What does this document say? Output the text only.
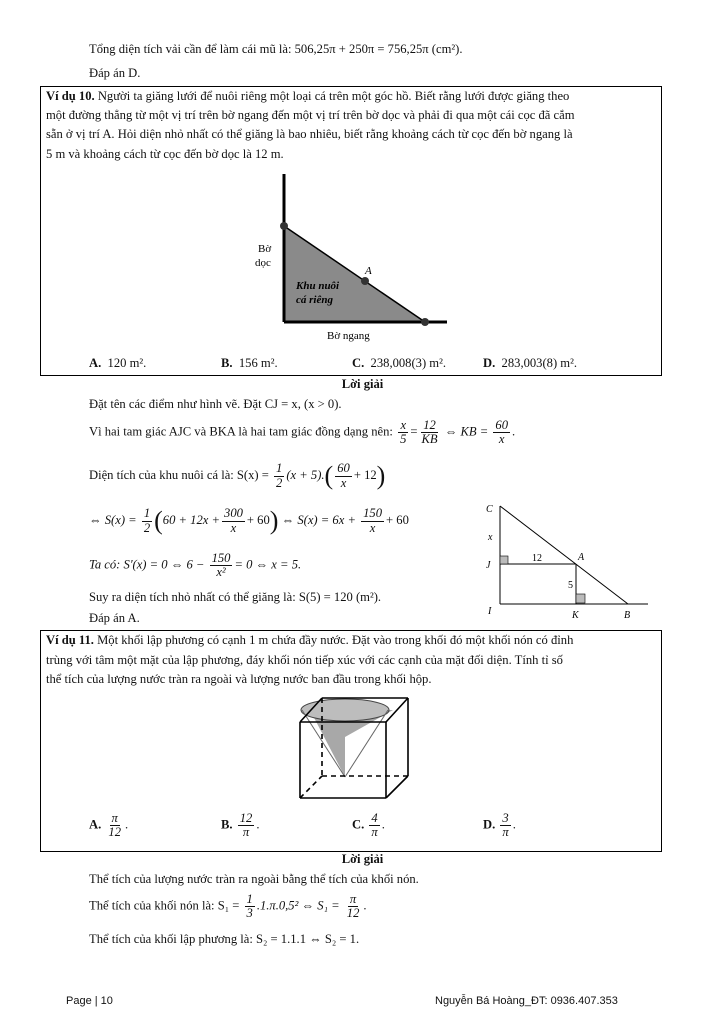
Tổng diện tích vải cần để làm cái mũ là: 506,25π + 250π = 756,25π (cm²).
Đáp án D.
Ví dụ 10. Người ta giăng lưới để nuôi riêng một loại cá trên một góc hồ. Biết rằng lưới được giăng theo
một đường thẳng từ một vị trí trên bờ ngang đến một vị trí trên bờ dọc và phải đi qua một cái cọc đã cắm
sẵn ở vị trí A. Hỏi diện nhỏ nhất có thể giăng là bao nhiêu, biết rằng khoảng cách từ cọc đến bờ ngang là
5 m và khoảng cách từ cọc đến bờ dọc là 12 m.
Bờ
dọc
Khu nuôi
cá riêng
A
Bờ ngang
A. 120 m².	B. 156 m².	C. 238,008(3) m².	D. 283,003(8) m².
Lời giải
Đặt tên các điểm như hình vẽ. Đặt CJ = x, (x > 0).
Vì hai tam giác AJC và BKA là hai tam giác đồng dạng nên: $\frac{x}{5} = \frac{12}{KB}$ ⇔ KB = $\frac{60}{x}$ .
Diện tích của khu nuôi cá là: $S(x) = \frac{1}{2} (x + 5).( \frac{60}{x} + 12)$
⇔ $S(x) = \frac{1}{2} (60 + 12x + \frac{300}{x} + 60)$ ⇔ $S(x) = 6x + \frac{150}{x} + 60$
Ta có: S'(x) = 0 ⇔ $6 - \frac{150}{\text{x²}} = 0$ ⇔ x = 5.
Suy ra diện tích nhỏ nhất có thể giăng là: S(5) = 120 (m²).
Đáp án A.
C
x
J
12	A
5
I	K	B
Ví dụ 11. Một khối lập phương có cạnh 1 m chứa đầy nước. Đặt vào trong khối đó một khối nón có đỉnh
trùng với tâm một mặt của lập phương, đáy khối nón tiếp xúc với các cạnh của mặt đối diện. Tính tỉ số
thể tích của lượng nước tràn ra ngoài và lượng nước ban đầu trong khối hộp.
A. $\frac{\pi}{12}$ .	B. $\frac{12}{\pi}$ .	C. $\frac{4}{\pi}$ .	D. $\frac{3}{\pi}$ .
Lời giải
Thể tích của lượng nước tràn ra ngoài bằng thể tích của khối nón.
Thể tích của khối nón là: $S_1 = \frac{1}{3} .1.\pi.0,5^2$ ⇔ $S_1 = \frac{\pi}{12}$ .
Thể tích của khối lập phương là: S₂ = 1.1.1 ⇔ S₂ = 1.
Page | 10	Nguyễn Bá Hoàng_ĐT: 0936.407.353
